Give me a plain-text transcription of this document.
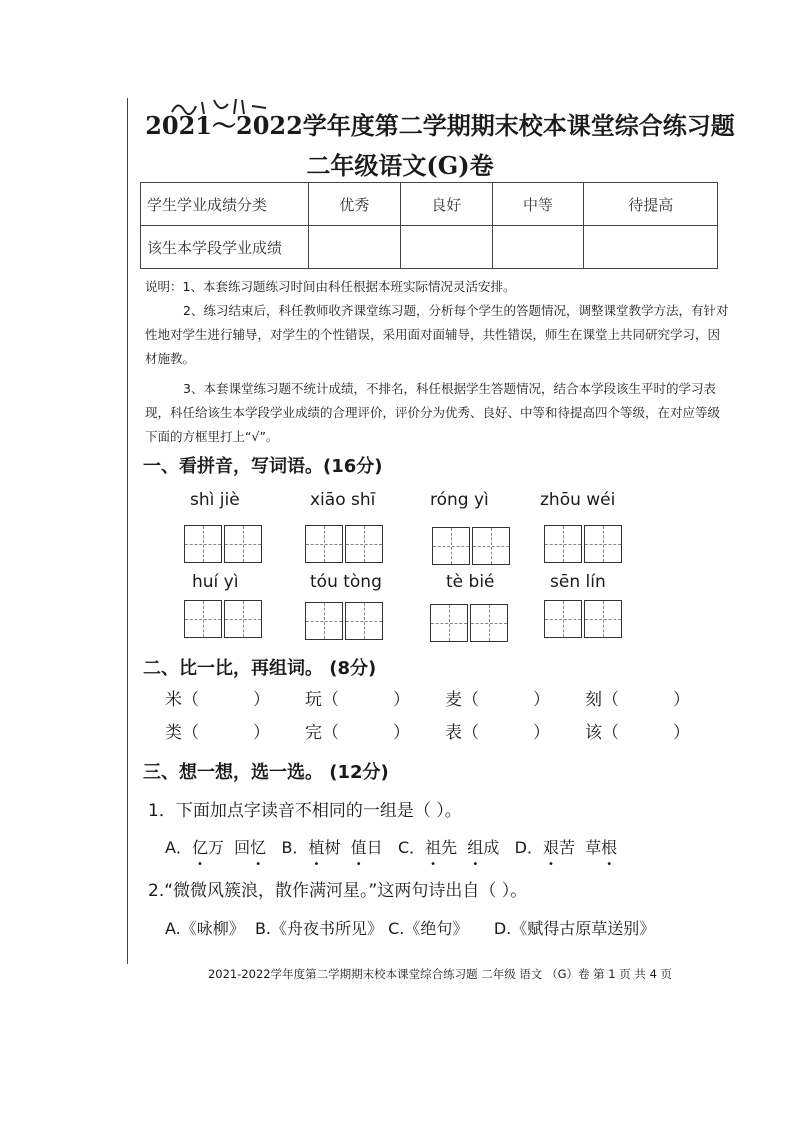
2021～2022学年度第二学期期末校本课堂综合练习题
二年级语文(G)卷
学生学业成绩分类	优秀	良好	中等	待提高
该生本学段学业成绩				

说明：1、本套练习题练习时间由科任根据本班实际情况灵活安排。

2、练习结束后，科任教师收齐课堂练习题，分析每个学生的答题情况，调整课堂教学方法，有针对性地对学生进行辅导，对学生的个性错误，采用面对面辅导，共性错误，师生在课堂上共同研究学习，因材施教。

3、本套课堂练习题不统计成绩，不排名，科任根据学生答题情况，结合本学段该生平时的学习表现，科任给该生本学段学业成绩的合理评价，评价分为优秀、良好、中等和待提高四个等级，在对应等级下面的方框里打上“√”。

一、看拼音，写词语。(16分)
shì jiè	xiāo shī	róng yì	zhōu wéi
huí yì	tóu tòng	tè bié	sēn lín
二、比一比，再组词。 (8分)
米（          ）	玩（          ）	麦（          ）	刻（          ）
类（          ）	完（          ）	表（          ）	该（          ）
三、想一想，选一选。 (12分)
1．下面加点字读音不相同的一组是（ ）。
A．亿万 回忆 B．植树 值日 C．祖先 组成 D．艰苦 草根
2.“微微风簇浪，散作满河星。”这两句诗出自（ ）。
A.《咏柳》 B.《舟夜书所见》 C.《绝句》 D.《赋得古原草送别》
2021-2022学年度第二学期期末校本课堂综合练习题 二年级 语文 （G）卷 第 1 页 共 4 页
